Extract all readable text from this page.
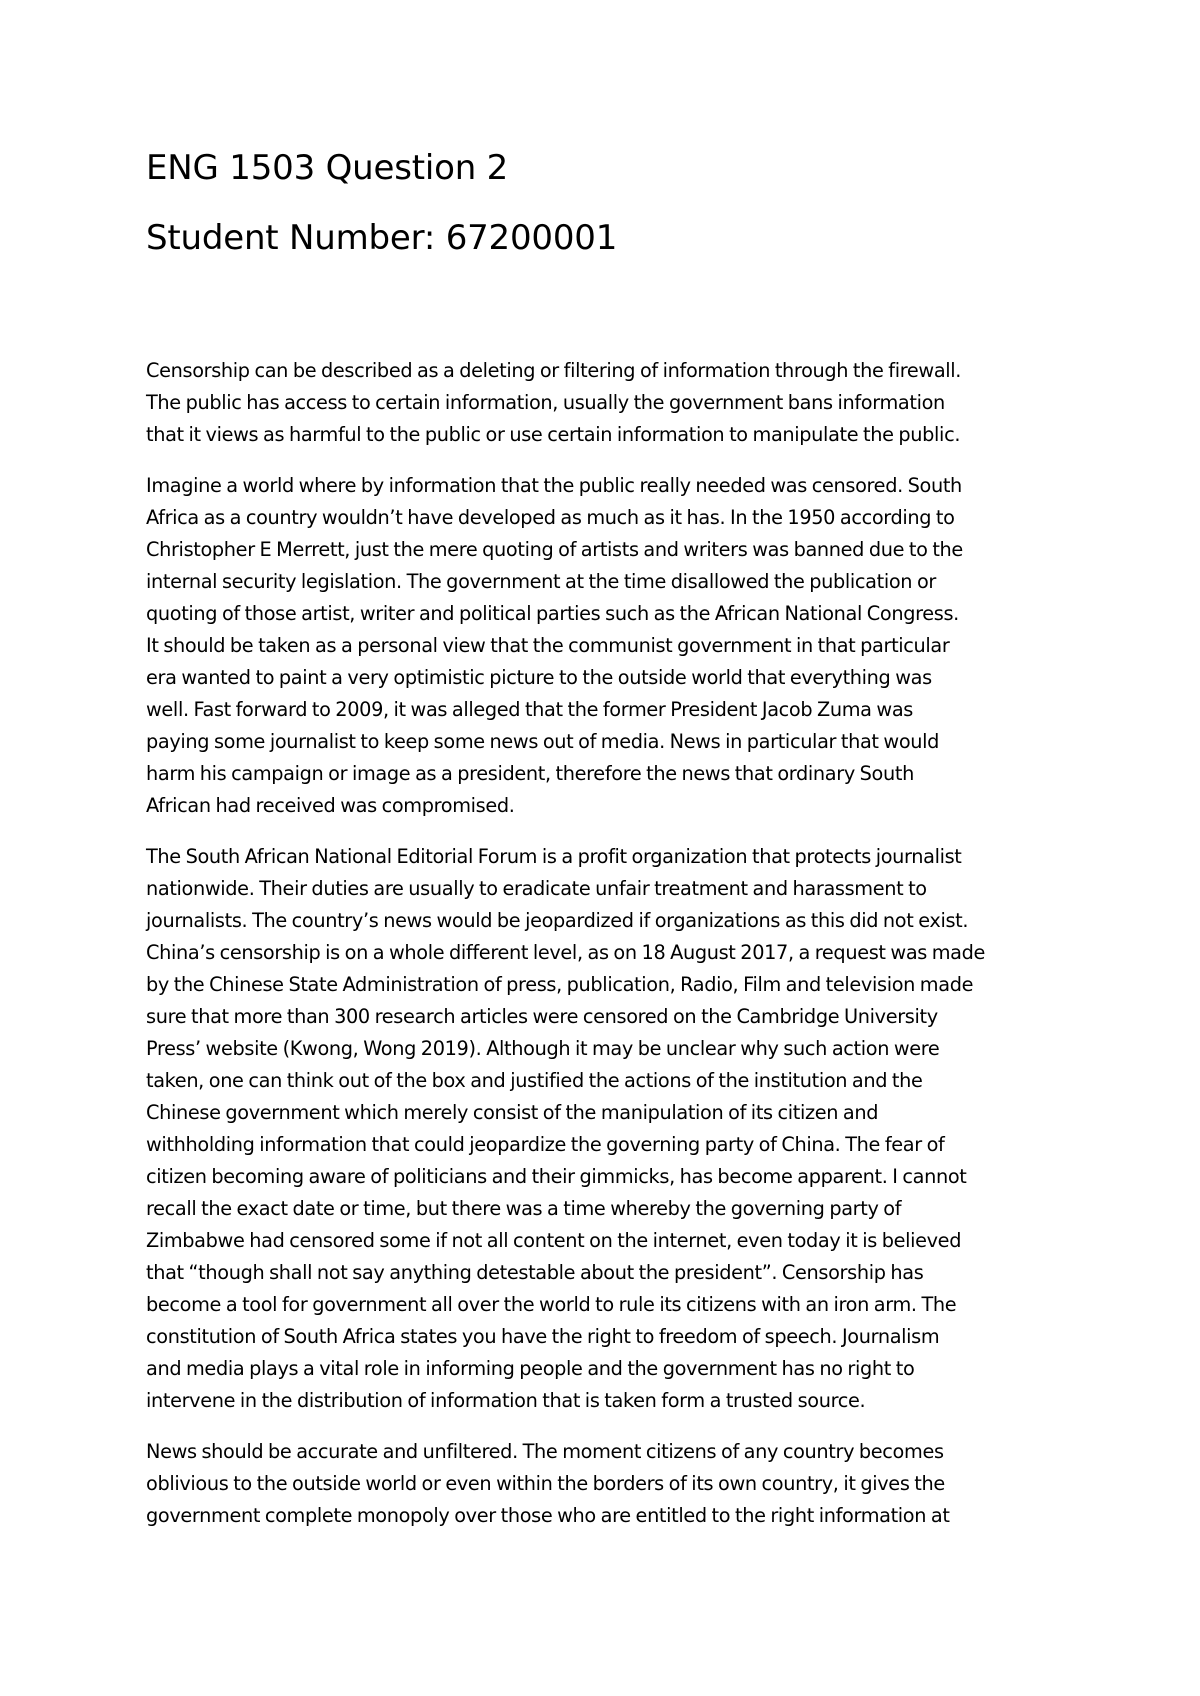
ENG 1503 Question 2
Student Number: 67200001

Censorship can be described as a deleting or filtering of information through the firewall.
The public has access to certain information, usually the government bans information
that it views as harmful to the public or use certain information to manipulate the public.

Imagine a world where by information that the public really needed was censored. South
Africa as a country wouldn’t have developed as much as it has. In the 1950 according to
Christopher E Merrett, just the mere quoting of artists and writers was banned due to the
internal security legislation. The government at the time disallowed the publication or
quoting of those artist, writer and political parties such as the African National Congress.
It should be taken as a personal view that the communist government in that particular
era wanted to paint a very optimistic picture to the outside world that everything was
well. Fast forward to 2009, it was alleged that the former President Jacob Zuma was
paying some journalist to keep some news out of media. News in particular that would
harm his campaign or image as a president, therefore the news that ordinary South
African had received was compromised.

The South African National Editorial Forum is a profit organization that protects journalist
nationwide. Their duties are usually to eradicate unfair treatment and harassment to
journalists. The country’s news would be jeopardized if organizations as this did not exist.
China’s censorship is on a whole different level, as on 18 August 2017, a request was made
by the Chinese State Administration of press, publication, Radio, Film and television made
sure that more than 300 research articles were censored on the Cambridge University
Press’ website (Kwong, Wong 2019). Although it may be unclear why such action were
taken, one can think out of the box and justified the actions of the institution and the
Chinese government which merely consist of the manipulation of its citizen and
withholding information that could jeopardize the governing party of China. The fear of
citizen becoming aware of politicians and their gimmicks, has become apparent. I cannot
recall the exact date or time, but there was a time whereby the governing party of
Zimbabwe had censored some if not all content on the internet, even today it is believed
that “though shall not say anything detestable about the president”. Censorship has
become a tool for government all over the world to rule its citizens with an iron arm. The
constitution of South Africa states you have the right to freedom of speech. Journalism
and media plays a vital role in informing people and the government has no right to
intervene in the distribution of information that is taken form a trusted source.

News should be accurate and unfiltered. The moment citizens of any country becomes
oblivious to the outside world or even within the borders of its own country, it gives the
government complete monopoly over those who are entitled to the right information at
